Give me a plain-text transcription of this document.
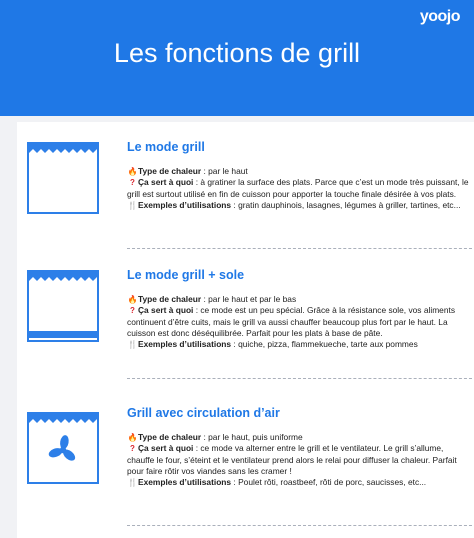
yoojo
Les fonctions de grill
Le mode grill
🔥Type de chaleur : par le haut
? Ça sert à quoi : à gratiner la surface des plats. Parce que c’est un mode très puissant, le grill est surtout utilisé en fin de cuisson pour apporter la touche finale désirée à vos plats.
🍴Exemples d’utilisations : gratin dauphinois, lasagnes, légumes à griller, tartines, etc...
Le mode grill + sole
🔥Type de chaleur : par le haut et par le bas
? Ça sert à quoi : ce mode est un peu spécial. Grâce à la résistance sole, vos aliments continuent d’être cuits, mais le grill va aussi chauffer beaucoup plus fort par le haut. La cuisson est donc déséquilibrée. Parfait pour les plats à base de pâte.
🍴Exemples d’utilisations : quiche, pizza, flammekueche, tarte aux pommes
Grill avec circulation d’air
🔥Type de chaleur : par le haut, puis uniforme
? Ça sert à quoi : ce mode va alterner entre le grill et le ventilateur. Le grill s’allume, chauffe le four, s’éteint et le ventilateur prend alors le relai pour diffuser la chaleur. Parfait pour faire rôtir vos viandes sans les cramer !
🍴Exemples d’utilisations : Poulet rôti, roastbeef, rôti de porc, saucisses, etc...
